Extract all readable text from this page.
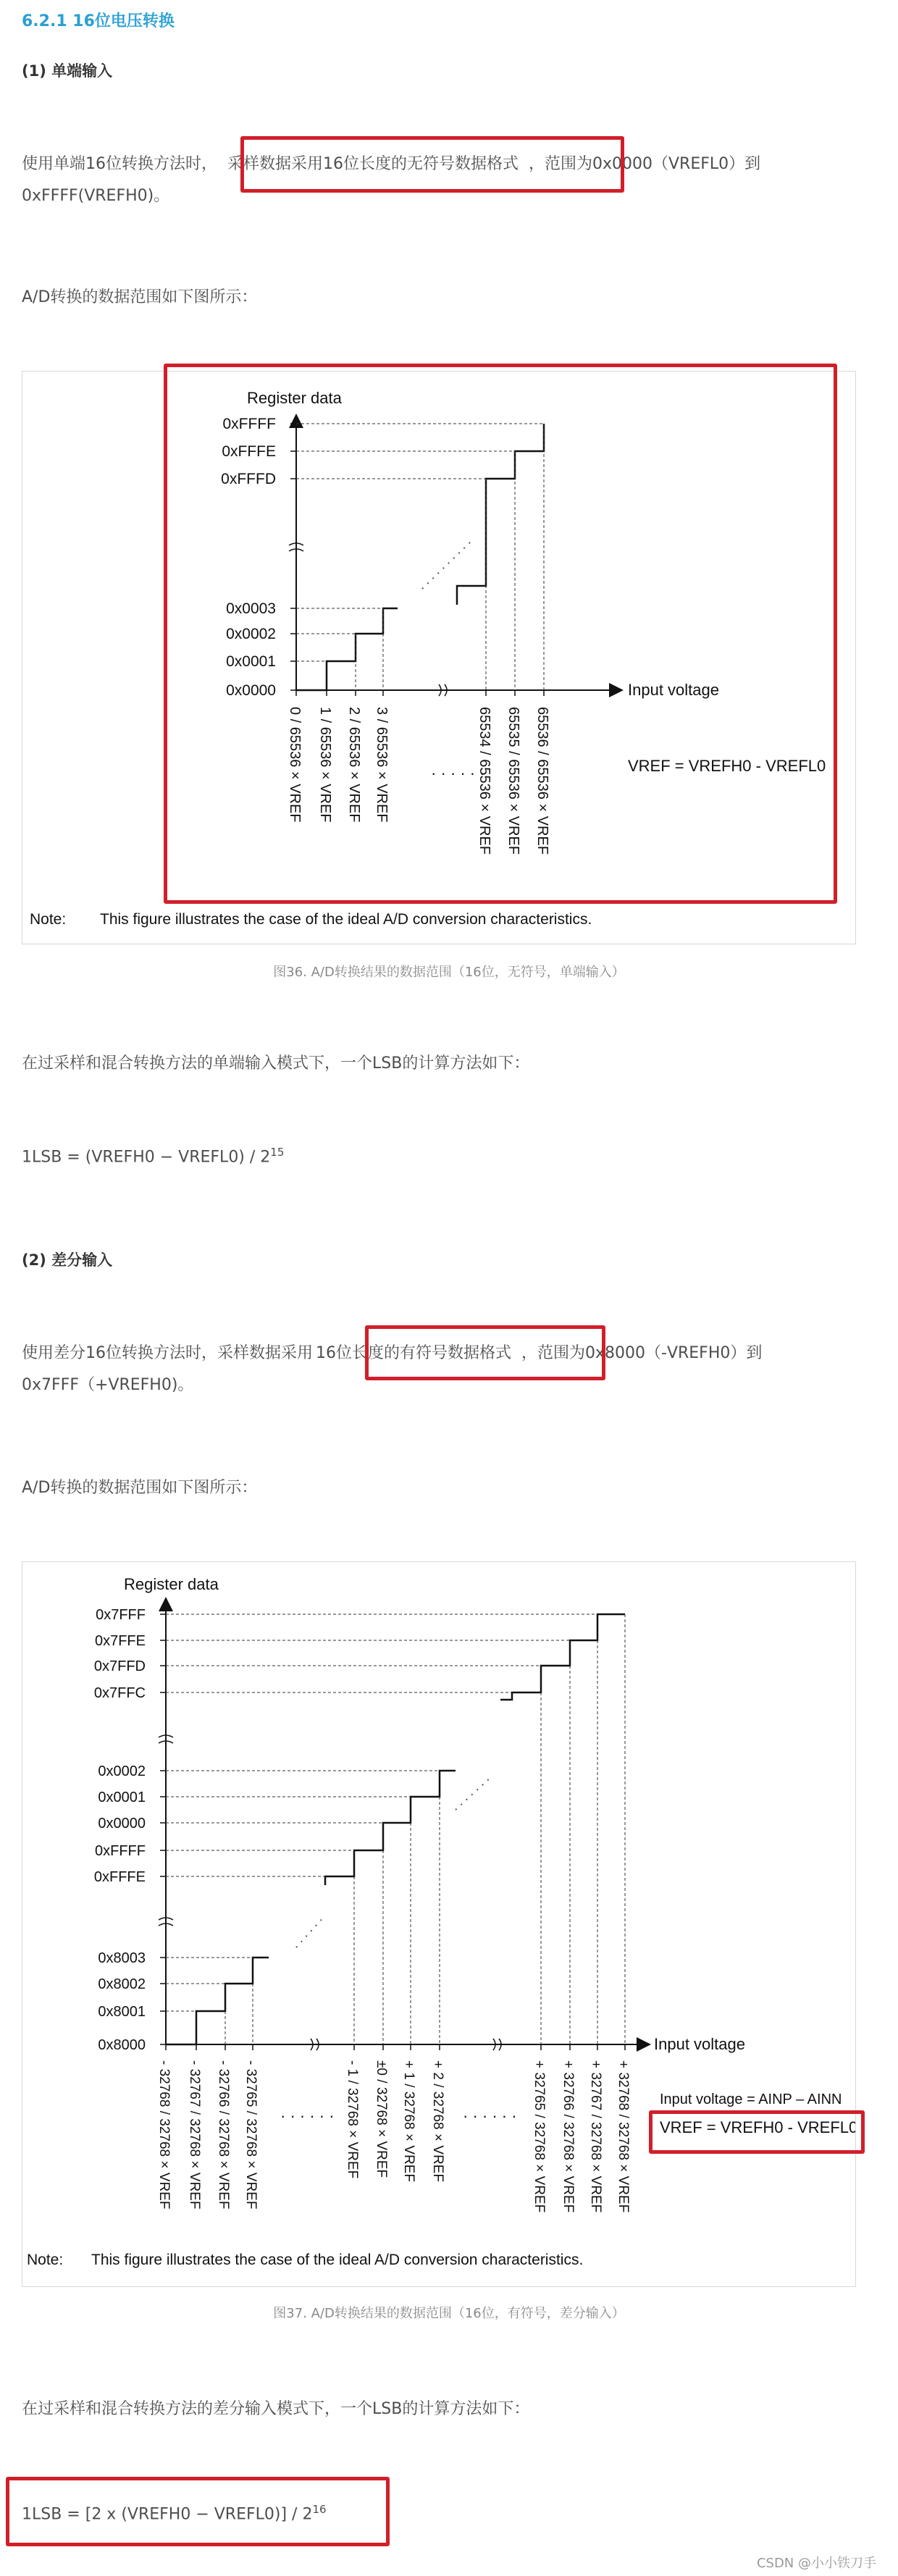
6.2.1 16位电压转换
(1) 单端输入
使用单端16位转换方法时， 采样数据采用16位长度的无符号数据格式 ，范围为0x0000（VREFL0）到
0xFFFF(VREFH0)。
A/D转换的数据范围如下图所示：
Register data
0xFFFF
0xFFFE
0xFFFD
0x0003
0x0002
0x0001
0x0000	Input voltage
0 / 65536 × VREF 1 / 65536 × VREF 2 / 65536 × VREF 3 / 65536 × VREF	65534 / 65536 × VREF 65535 / 65536 × VREF 65536 / 65536 × VREF
· · · · · ·	VREF = VREFH0 - VREFL0
Note: This figure illustrates the case of the ideal A/D conversion characteristics.
图36. A/D转换结果的数据范围（16位，无符号，单端输入）
在过采样和混合转换方法的单端输入模式下，一个LSB的计算方法如下：
1LSB = (VREFH0 − VREFL0) / $2^{15}$
(2) 差分输入
使用差分16位转换方法时，采样数据采用 16位长度的有符号数据格式 ，范围为0x8000（-VREFH0）到
0x7FFF（+VREFH0)。
A/D转换的数据范围如下图所示：
Register data
0x7FFF
0x7FFE
0x7FFD
0x7FFC
0x0002
0x0001
0x0000
0xFFFF
0xFFFE
0x8003
0x8002
0x8001
0x8000	Input voltage
- 32768 / 32768 × VREF - 32767 / 32768 × VREF - 32766 / 32768 × VREF - 32765 / 32768 × VREF	- 1 / 32768 × VREF ±0 / 32768 × VREF + 1 / 32768 × VREF + 2 / 32768 × VREF	+ 32765 / 32768 × VREF + 32766 / 32768 × VREF + 32767 / 32768 × VREF + 32768 / 32768 × VREF
· · · · · ·	· · · · · ·
Input voltage = AINP – AINN
VREF = VREFH0 - VREFL0
Note: This figure illustrates the case of the ideal A/D conversion characteristics.
图37. A/D转换结果的数据范围（16位，有符号，差分输入）
在过采样和混合转换方法的差分输入模式下，一个LSB的计算方法如下：
1LSB = [2 x (VREFH0 − VREFL0)] / $2^{16}$
CSDN @小小铁刀手
